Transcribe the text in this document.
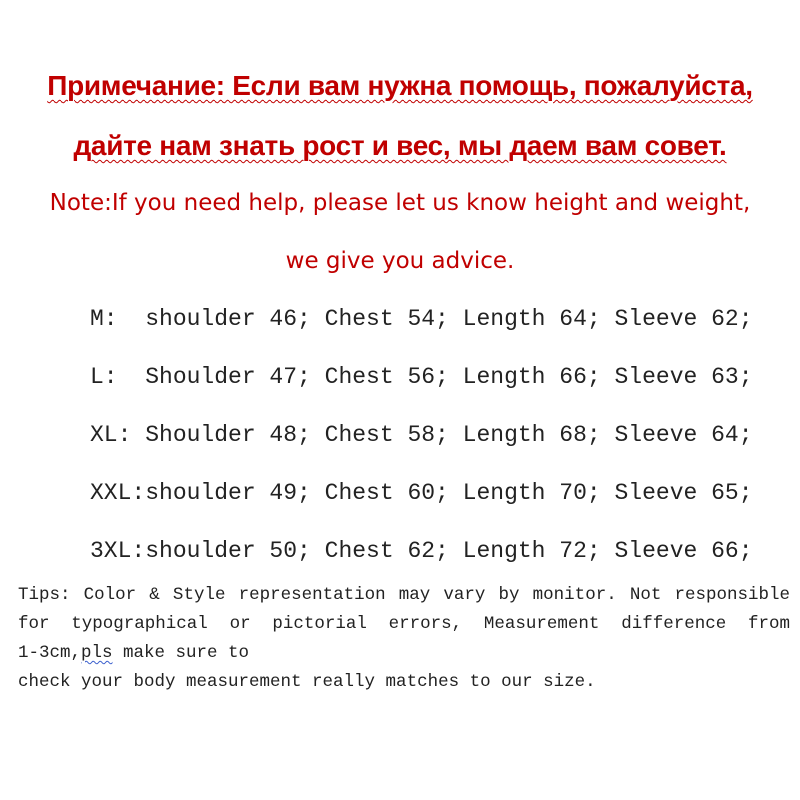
Примечание: Если вам нужна помощь, пожалуйста,
дайте нам знать рост и вес, мы даем вам совет.
Note:If you need help, please let us know height and weight,
we give you advice.
M:  shoulder 46; Chest 54; Length 64; Sleeve 62;
L:  Shoulder 47; Chest 56; Length 66; Sleeve 63;
XL: Shoulder 48; Chest 58; Length 68; Sleeve 64;
XXL:shoulder 49; Chest 60; Length 70; Sleeve 65;
3XL:shoulder 50; Chest 62; Length 72; Sleeve 66;
Tips: Color & Style representation may vary by monitor. Not responsible
for typographical or pictorial errors, Measurement difference from
1-3cm,pls make sure to
check your body measurement really matches to our size.
